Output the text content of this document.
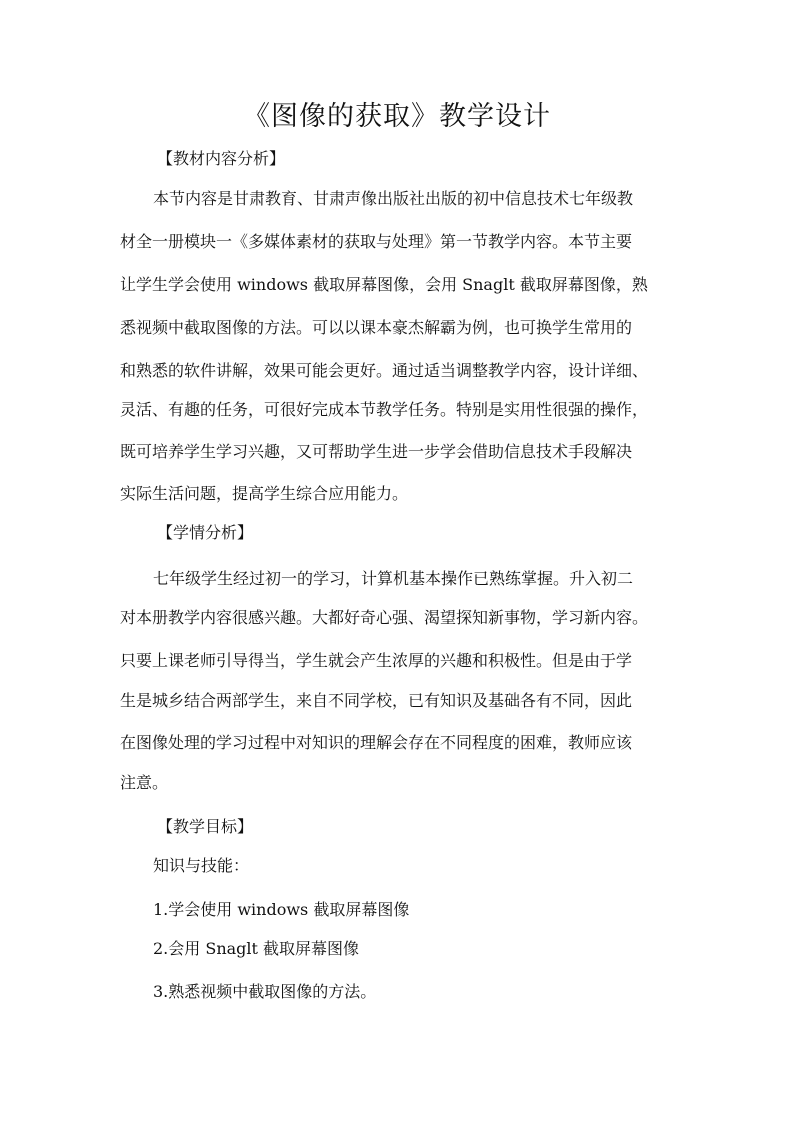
《图像的获取》教学设计
【教材内容分析】
本节内容是甘肃教育、甘肃声像出版社出版的初中信息技术七年级教
材全一册模块一《多媒体素材的获取与处理》第一节教学内容。本节主要
让学生学会使用 windows 截取屏幕图像，会用 Snaglt 截取屏幕图像，熟
悉视频中截取图像的方法。可以以课本豪杰解霸为例，也可换学生常用的
和熟悉的软件讲解，效果可能会更好。通过适当调整教学内容，设计详细、
灵活、有趣的任务，可很好完成本节教学任务。特别是实用性很强的操作，
既可培养学生学习兴趣，又可帮助学生进一步学会借助信息技术手段解决
实际生活问题，提高学生综合应用能力。
【学情分析】
七年级学生经过初一的学习，计算机基本操作已熟练掌握。升入初二
对本册教学内容很感兴趣。大都好奇心强、渴望探知新事物，学习新内容。
只要上课老师引导得当，学生就会产生浓厚的兴趣和积极性。但是由于学
生是城乡结合两部学生，来自不同学校，已有知识及基础各有不同，因此
在图像处理的学习过程中对知识的理解会存在不同程度的困难，教师应该
注意。
【教学目标】
知识与技能：
1.学会使用 windows 截取屏幕图像
2.会用 Snaglt 截取屏幕图像
3.熟悉视频中截取图像的方法。
